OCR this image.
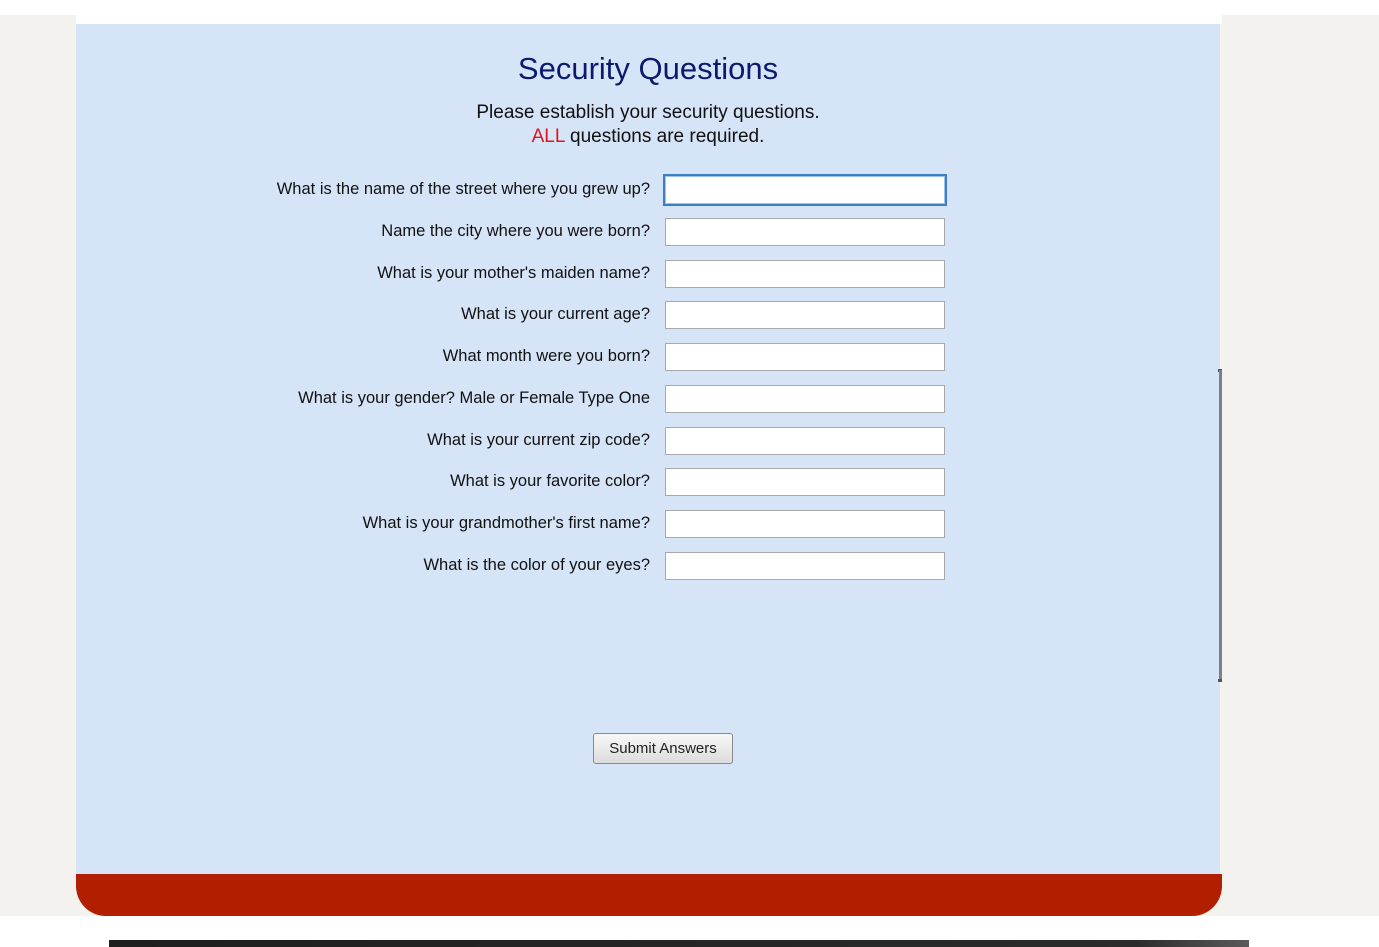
Security Questions
Please establish your security questions.
ALL questions are required.
What is the name of the street where you grew up?
Name the city where you were born?
What is your mother's maiden name?
What is your current age?
What month were you born?
What is your gender? Male or Female Type One
What is your current zip code?
What is your favorite color?
What is your grandmother's first name?
What is the color of your eyes?
Submit Answers
